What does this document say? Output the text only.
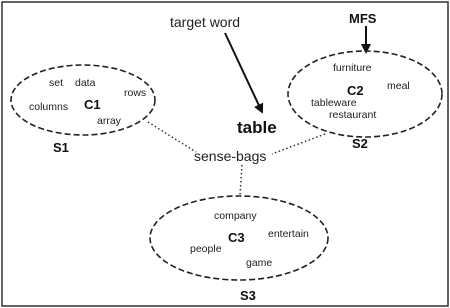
target word	MFS
table
sense-bags
set data
rows
columns
array
C1
S1
furniture
meal
tableware
restaurant
C2
S2
company
entertain
people
game
C3
S3
